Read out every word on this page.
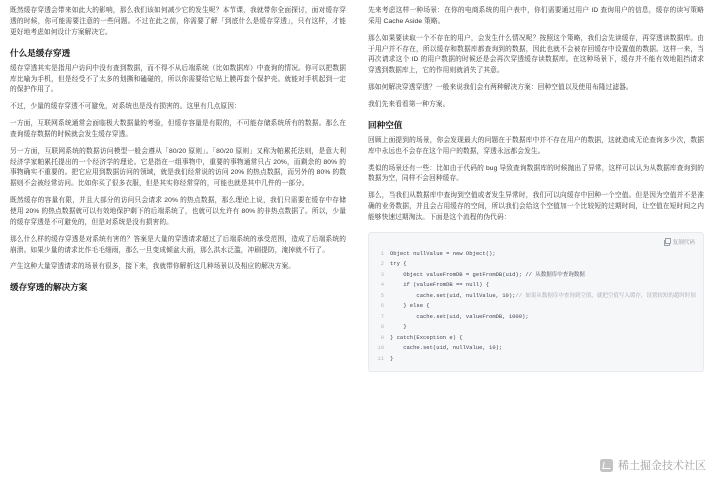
既然缓存穿透会带来如此大的影响，那么我们该如何减少它的发生呢？本节课，我就带你全面探讨，面对缓存穿透的时候，你可能需要注意的一些问题。不过在此之前，你需要了解「到底什么是缓存穿透」，只有这样，才能更好地考虑如何设计方案解决它。

什么是缓存穿透

缓存穿透其实是指用户访问中没有查到数据，而不得不从后端系统（比如数据库）中查询的情况。你可以把数据库比喻为手机，但是经受不了太多的划撕和磕碰的，所以你需要给它贴上膜再套个保护壳。就能对手机起到一定的保护作用了。

不过，少量的缓存穿透不可避免，对系统也是没有损害的。这里有几点原因：

一方面，互联网系统通常会面临极大数据量的考验，但缓存容量是有限的，不可能存储系统所有的数据。那么在查询缓存数据的时候就会发生缓存穿透。

另一方面，互联网系统的数据访问模型一般会遵从「80/20 原则」。「80/20 原则」又称为帕累托法则，是意大利经济学家帕累托提出的一个经济学的理论。它是指在一组事物中，重要的事物通常只占 20%，而剩余的 80% 的事物确实不重要的。把它应用到数据访问的领域，就是我们经常说的访问 20% 的热点数据，而另外的 80% 的数据则不会被经常访问。比如你买了很多衣服，但是其实你经常穿的，可能也就是其中几件的一部分。

既然缓存的容量有限，并且大部分的访问只会请求 20% 的热点数据，那么理论上说，我们只需要在缓存中存储使用 20% 的热点数据就可以有效地保护剩下的后端系统了，也就可以允许有 80% 的非热点数据了。所以，少量的缓存穿透是不可避免的，但是对系统是没有损害的。

那么什么样的缓存穿透是对系统有害的？答案是大量的穿透请求超过了后端系统的承受范围，造成了后端系统的崩溃。如果少量的请求比作毛毛细雨，那么一旦变成倾盆大雨，那么洪水泛滥，冲刷提防，淹掉就不行了。

产生这种大量穿透请求的场景有很多，接下来，我就带你解析这几种场景以及相应的解决方案。

缓存穿透的解决方案

先来考虑这样一种场景：在你的电商系统的用户表中，你们需要通过用户 ID 查询用户的信息，缓存的读写策略采用 Cache Aside 策略。

那么如果要读取一个不存在的用户，会发生什么情况呢？按照这个策略，我们会先读缓存，再穿透读数据库。由于用户并不存在，所以缓存和数据库都查询到的数据，因此也就不会被存回缓存中设置值的数据。这样一来，当再次请求这个 ID 的用户数据的时候还是会再次穿透缓存读数据库。在这种场景下，缓存并不能有效地阻挡请求穿透到数据库上，它的作用则就消失了其意。

那如何解决穿透穿透？一般来说我们会有两种解决方案：回种空值以及使用布隆过滤器。

我们先来看看第一种方案。

回种空值

回顾上面提到的场景，你会发现最大的问题在于数据库中并不存在用户的数据，这就造成无论查询多少次，数据库中永远也不会存在这个用户的数据，穿透永远都会发生。

类似的场景还有一些：比如由于代码的 bug 导致查询数据库的时候抛出了异常，这样可以认为从数据库查询到的数据为空，同样不会回种缓存。

那么，当我们从数据库中查询到空值或者发生异常时，我们可以向缓存中回种一个空值。但是因为空值并不是准确的业务数据，并且会占用缓存的空间，所以我们会给这个空值加一个比较短的过期时间，让空值在短时间之内能够快速过期淘汰。下面是这个流程的伪代码：

复制代码
1	Object nullValue = new Object();
2	try {
3	Object valueFromDB = getFromDB(uid); // 从数据库中查询数据
4	if (valueFromDB == null) {
5	cache.set(uid, nullValue, 10);// 如果从数据库中查询到空值，就把空值写入缓存，设置较短的超时时间
6	} else {
7	cache.set(uid, valueFromDB, 1000);
8	}
9	} catch(Exception e) {
10	cache.set(uid, nullValue, 10);
11	}
稀土掘金技术社区
